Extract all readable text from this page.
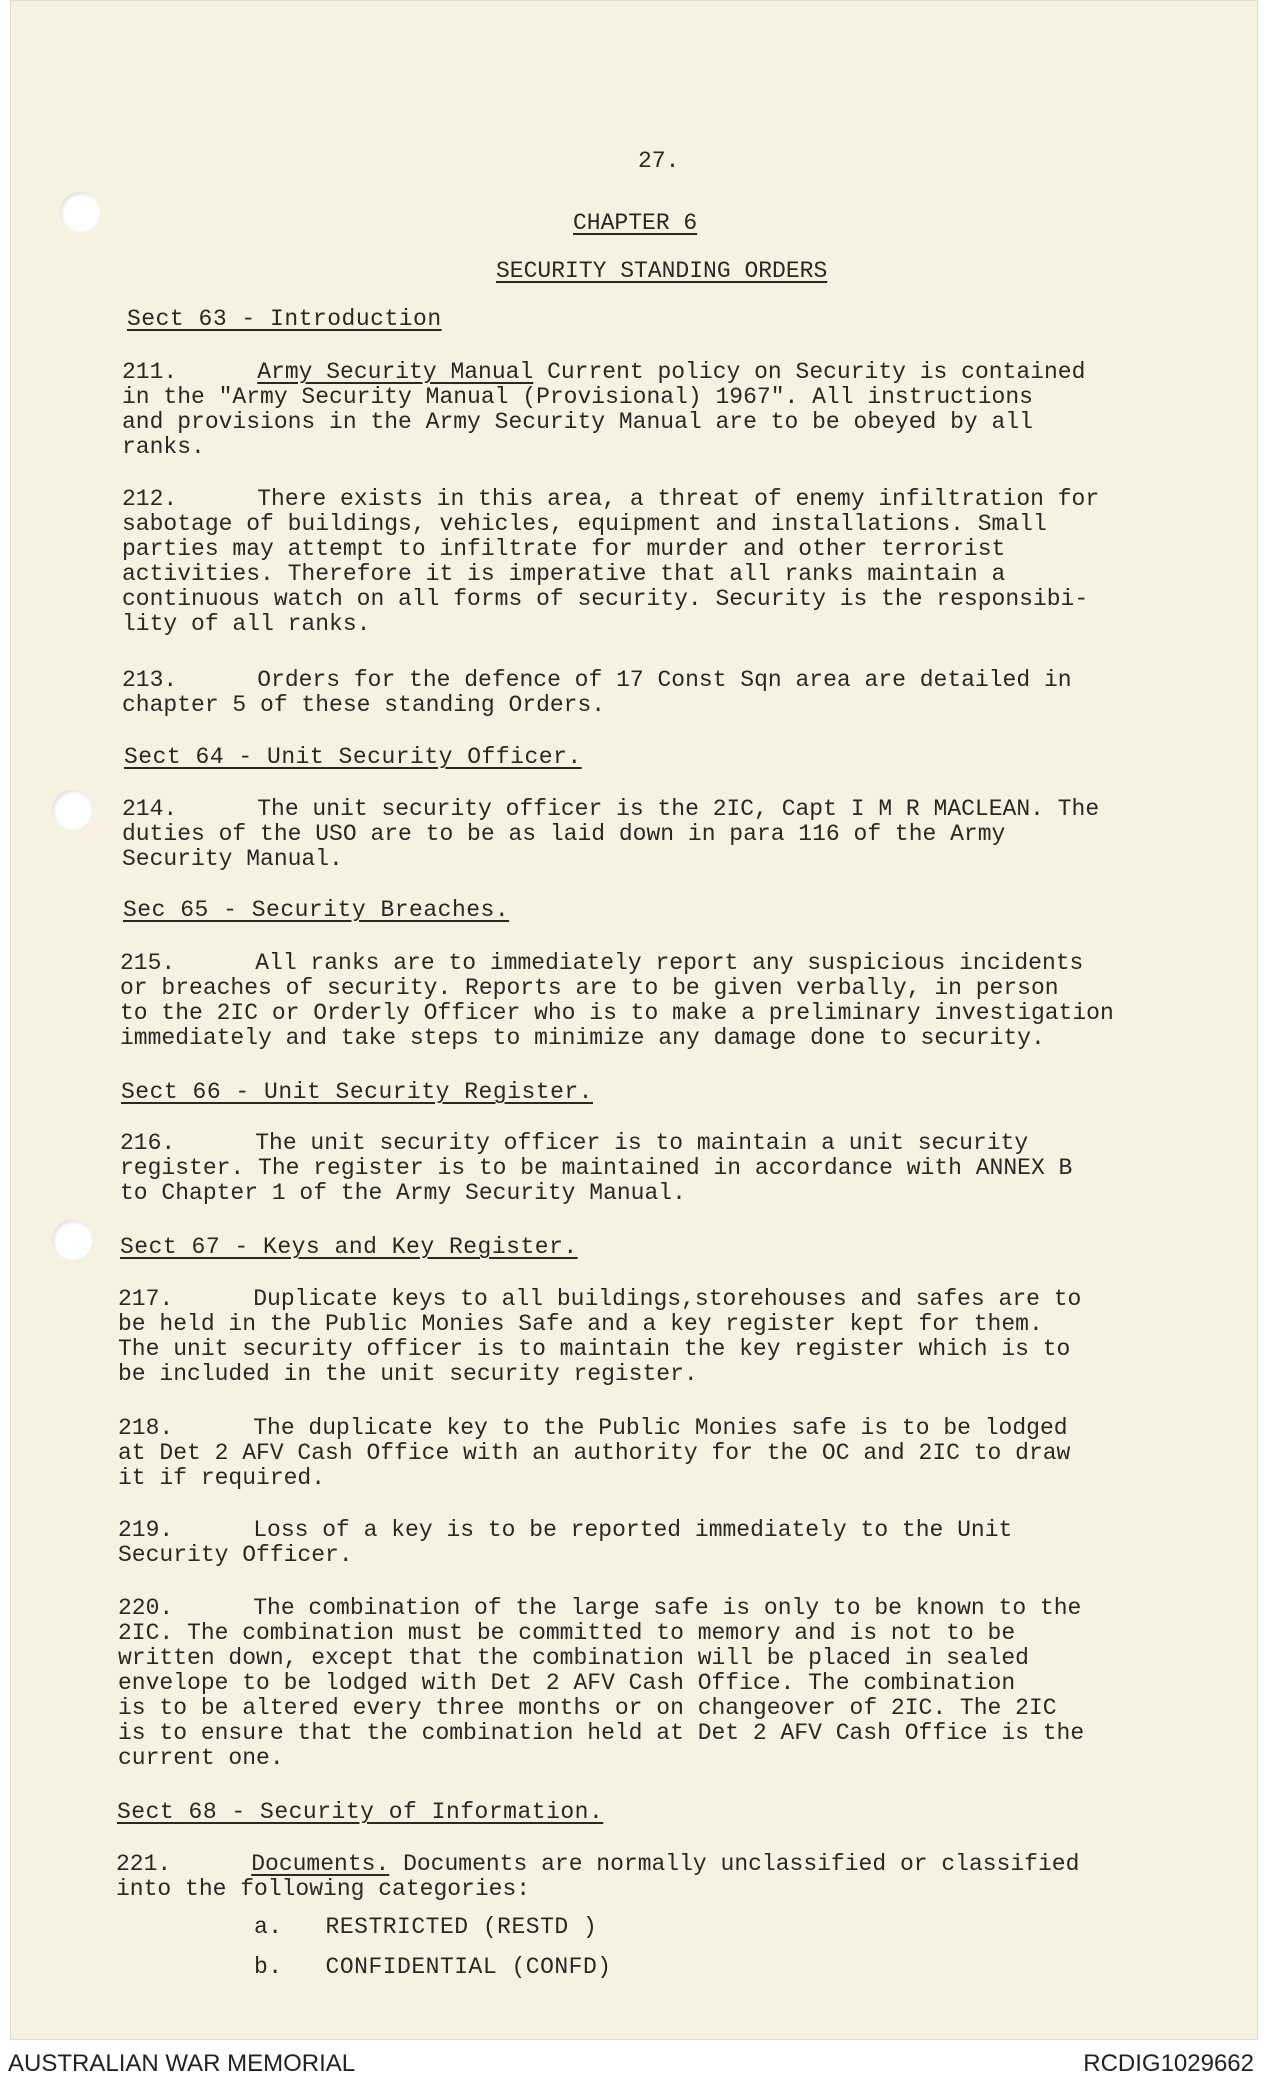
27.
CHAPTER 6
SECURITY STANDING ORDERS
Sect 63 - Introduction
211.	Army Security Manual Current policy on Security is contained
in the "Army Security Manual (Provisional) 1967". All instructions
and provisions in the Army Security Manual are to be obeyed by all
ranks.
212.	There exists in this area, a threat of enemy infiltration for
sabotage of buildings, vehicles, equipment and installations. Small
parties may attempt to infiltrate for murder and other terrorist
activities. Therefore it is imperative that all ranks maintain a
continuous watch on all forms of security. Security is the responsibi-
lity of all ranks.
213.	Orders for the defence of 17 Const Sqn area are detailed in
chapter 5 of these standing Orders.
Sect 64 - Unit Security Officer.
214.	The unit security officer is the 2IC, Capt I M R MACLEAN. The
duties of the USO are to be as laid down in para 116 of the Army
Security Manual.
Sec 65 - Security Breaches.
215.	All ranks are to immediately report any suspicious incidents
or breaches of security. Reports are to be given verbally, in person
to the 2IC or Orderly Officer who is to make a preliminary investigation
immediately and take steps to minimize any damage done to security.
Sect 66 - Unit Security Register.
216.	The unit security officer is to maintain a unit security
register. The register is to be maintained in accordance with ANNEX B
to Chapter 1 of the Army Security Manual.
Sect 67 - Keys and Key Register.
217.	Duplicate keys to all buildings,storehouses and safes are to
be held in the Public Monies Safe and a key register kept for them.
The unit security officer is to maintain the key register which is to
be included in the unit security register.
218.	The duplicate key to the Public Monies safe is to be lodged
at Det 2 AFV Cash Office with an authority for the OC and 2IC to draw
it if required.
219.	Loss of a key is to be reported immediately to the Unit
Security Officer.
220.	The combination of the large safe is only to be known to the
2IC. The combination must be committed to memory and is not to be
written down, except that the combination will be placed in sealed
envelope to be lodged with Det 2 AFV Cash Office. The combination
is to be altered every three months or on changeover of 2IC. The 2IC
is to ensure that the combination held at Det 2 AFV Cash Office is the
current one.
Sect 68 - Security of Information.
221.	Documents. Documents are normally unclassified or classified
into the following categories:
a. RESTRICTED (RESTD )
b. CONFIDENTIAL (CONFD)
AUSTRALIAN WAR MEMORIAL	RCDIG1029662
